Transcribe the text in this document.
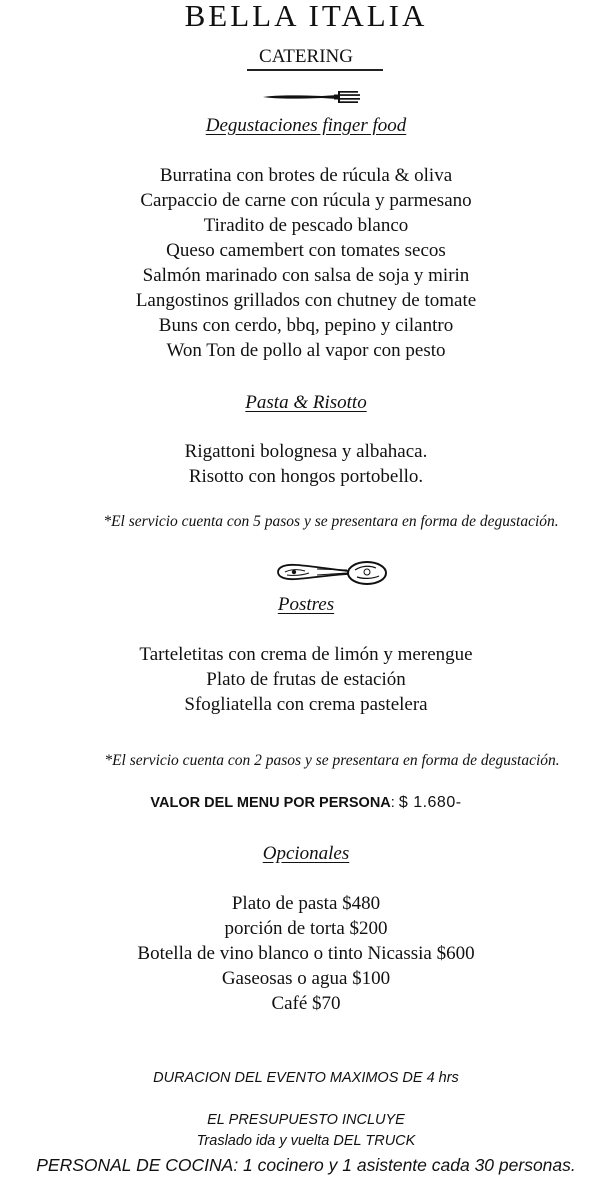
BELLA ITALIA
CATERING
Degustaciones finger food
Burratina con brotes de rúcula & oliva
Carpaccio de carne con rúcula y parmesano
Tiradito de pescado blanco
Queso camembert con tomates secos
Salmón marinado con salsa de soja y mirin
Langostinos grillados con chutney de tomate
Buns con cerdo, bbq, pepino y cilantro
Won Ton de pollo al vapor con pesto
Pasta & Risotto
Rigattoni bolognesa y albahaca.
Risotto con hongos portobello.
*El servicio cuenta con 5 pasos y se presentara en forma de degustación.
Postres
Tarteletitas con crema de limón y merengue
Plato de frutas de estación
Sfogliatella con crema pastelera
*El servicio cuenta con 2 pasos y se presentara en forma de degustación.
VALOR DEL MENU POR PERSONA: $ 1.680-
Opcionales
Plato de pasta $480
porción de torta $200
Botella de vino blanco o tinto Nicassia $600
Gaseosas o agua $100
Café $70
DURACION DEL EVENTO MAXIMOS DE 4 hrs
EL PRESUPUESTO INCLUYE
Traslado ida y vuelta DEL TRUCK
PERSONAL DE COCINA: 1 cocinero y 1 asistente cada 30 personas.
